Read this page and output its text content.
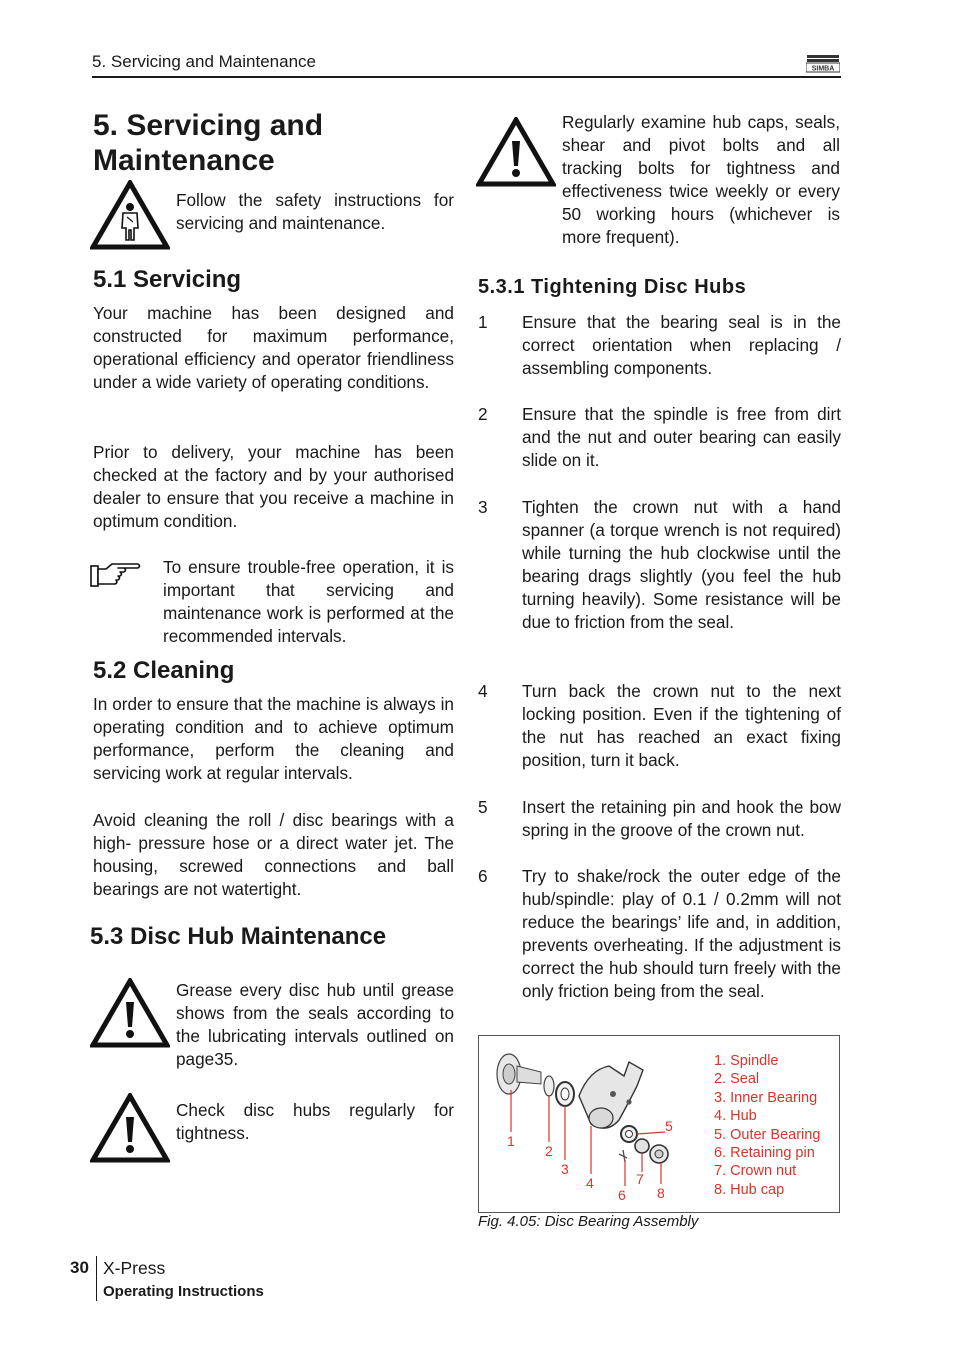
5. Servicing and Maintenance	SIMBA
5. Servicing and Maintenance
Follow the safety instructions for servicing and maintenance.
5.1 Servicing
Your machine has been designed and constructed for maximum performance, operational efficiency and operator friendliness under a wide variety of operating conditions.
Prior to delivery, your machine has been checked at the factory and by your authorised dealer to ensure that you receive a machine in optimum condition.
To ensure trouble-free operation, it is important that servicing and maintenance work is performed at the recommended intervals.
5.2 Cleaning
In order to ensure that the machine is always in operating condition and to achieve optimum performance, perform the cleaning and servicing work at regular intervals.
Avoid cleaning the roll / disc bearings with a high- pressure hose or a direct water jet. The housing, screwed connections and ball bearings are not watertight.
5.3 Disc Hub Maintenance
Grease every disc hub until grease shows from the seals according to the lubricating intervals outlined on page35.
Check disc hubs regularly for tightness.
Regularly examine hub caps, seals, shear and pivot bolts and all tracking bolts for tightness and effectiveness twice weekly or every 50 working hours (whichever is more frequent).
5.3.1 Tightening Disc Hubs
1 Ensure that the bearing seal is in the correct orientation when replacing / assembling components.
2 Ensure that the spindle is free from dirt and the nut and outer bearing can easily slide on it.
3 Tighten the crown nut with a hand spanner (a torque wrench is not required) while turning the hub clockwise until the bearing drags slightly (you feel the hub turning heavily). Some resistance will be due to friction from the seal.
4 Turn back the crown nut to the next locking position. Even if the tightening of the nut has reached an exact fixing position, turn it back.
5 Insert the retaining pin and hook the bow spring in the groove of the crown nut.
6 Try to shake/rock the outer edge of the hub/spindle: play of 0.1 / 0.2mm will not reduce the bearings’ life and, in addition, prevents overheating. If the adjustment is correct the hub should turn freely with the only friction being from the seal.
1
2
3
4
5
6
7
8
1. Spindle
2. Seal
3. Inner Bearing
4. Hub
5. Outer Bearing
6. Retaining pin
7. Crown nut
8. Hub cap
Fig. 4.05: Disc Bearing Assembly
30 X-Press
Operating Instructions
